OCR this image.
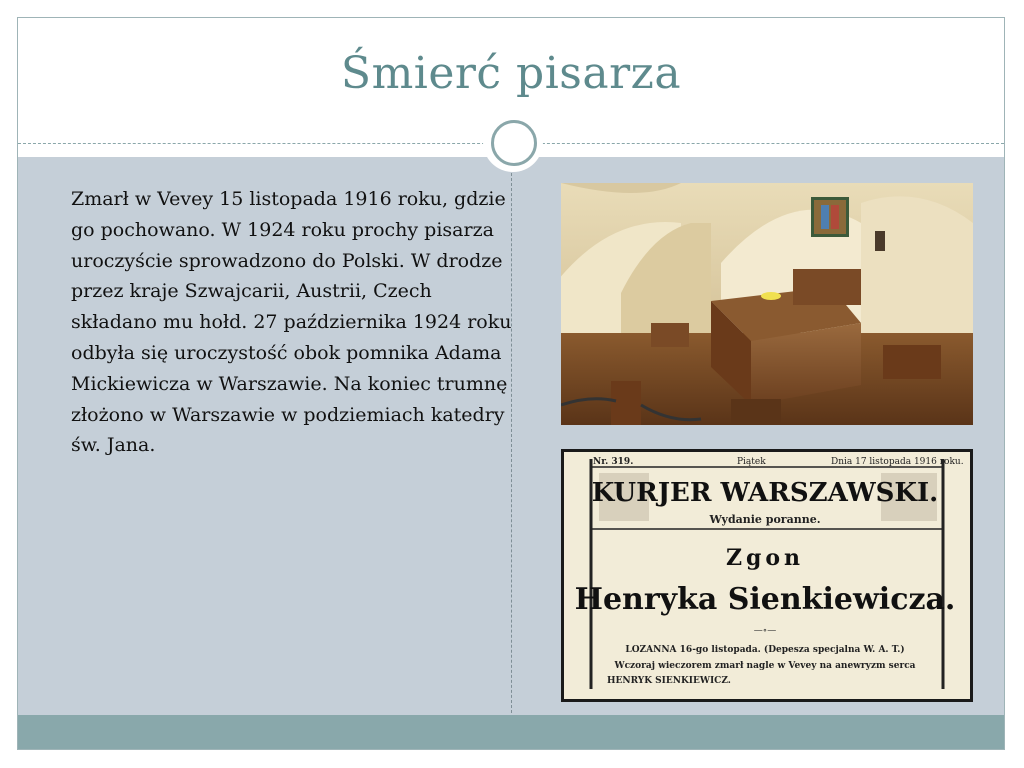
Śmierć pisarza

Zmarł w Vevey 15 listopada 1916 roku, gdzie go pochowano. W 1924 roku prochy pisarza uroczyście sprowadzono do Polski. W drodze przez kraje Szwajcarii, Austrii, Czech składano mu hołd. 27 października 1924 roku odbyła się uroczystość obok pomnika Adama Mickiewicza w Warszawie. Na koniec trumnę złożono w Warszawie w podziemiach katedry św. Jana.

Nr. 319.	Piątek	Dnia 17 listopada 1916 roku.
KURJER WARSZAWSKI.
Wydanie poranne.
Zgon
Henryka Sienkiewicza.
—∘—
LOZANNA 16-go listopada. (Depesza specjalna W. A. T.)
Wczoraj wieczorem zmarł nagle w Vevey na anewryzm serca
HENRYK SIENKIEWICZ.
